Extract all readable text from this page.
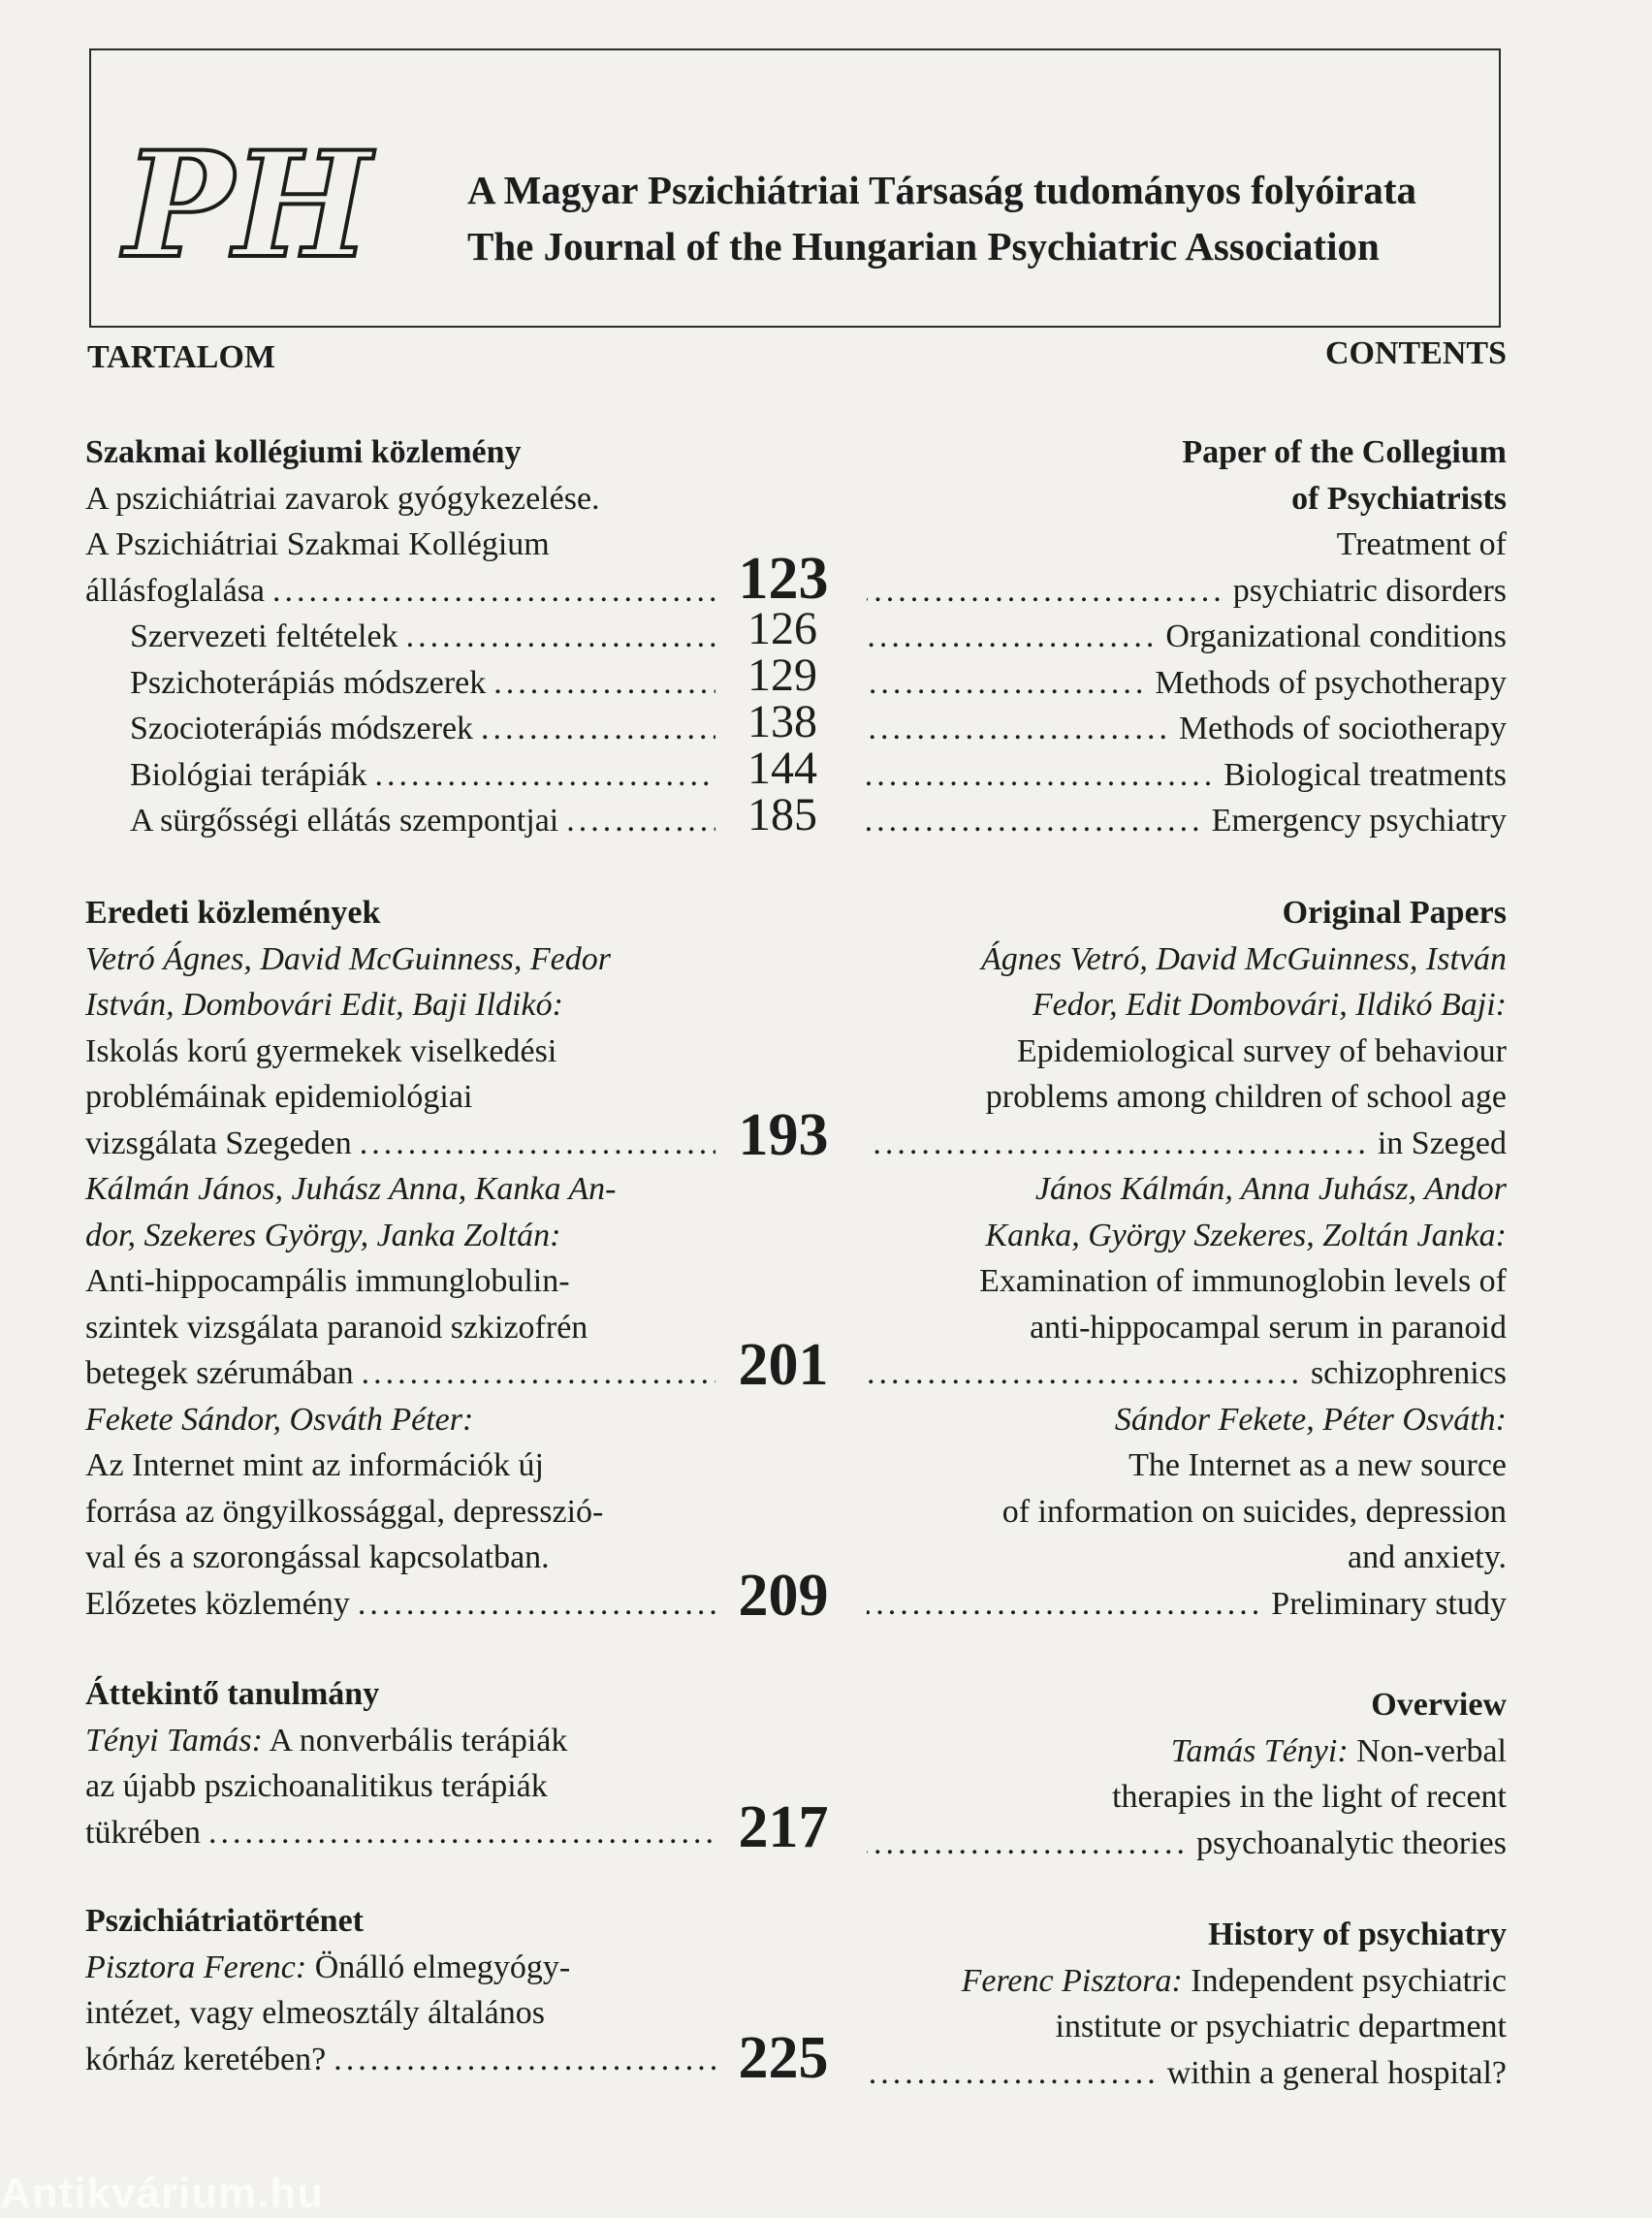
PH A Magyar Pszichiátriai Társaság tudományos folyóirata
The Journal of the Hungarian Psychiatric Association
TARTALOM	CONTENTS
Szakmai kollégiumi közlemény
A pszichiátriai zavarok gyógykezelése.
A Pszichiátriai Szakmai Kollégium
állásfoglalása
.....
Szervezeti feltételek
.....
Pszichoterápiás módszerek
.....
Szocioterápiás módszerek
.....
Biológiai terápiák
.....
A sürgősségi ellátás szempontjai
.....
Paper of the Collegium
of Psychiatrists
Treatment of
.....
psychiatric disorders
.....
Organizational conditions
.....
Methods of psychotherapy
.....
Methods of sociotherapy
.....
Biological treatments
.....
Emergency psychiatry
123
126
129
138
144
185
Eredeti közlemények
Vetró Ágnes, David McGuinness, Fedor
István, Dombovári Edit, Baji Ildikó:
Iskolás korú gyermekek viselkedési
problémáinak epidemiológiai
vizsgálata Szegeden
.....
Kálmán János, Juhász Anna, Kanka An-
dor, Szekeres György, Janka Zoltán:
Anti-hippocampális immunglobulin-
szintek vizsgálata paranoid szkizofrén
betegek szérumában
.....
Fekete Sándor, Osváth Péter:
Az Internet mint az információk új
forrása az öngyilkossággal, depresszió-
val és a szorongással kapcsolatban.
Előzetes közlemény
.....
Original Papers
Ágnes Vetró, David McGuinness, István
Fedor, Edit Dombovári, Ildikó Baji:
Epidemiological survey of behaviour
problems among children of school age
.....
in Szeged
János Kálmán, Anna Juhász, Andor
Kanka, György Szekeres, Zoltán Janka:
Examination of immunoglobin levels of
anti-hippocampal serum in paranoid
.....
schizophrenics
Sándor Fekete, Péter Osváth:
The Internet as a new source
of information on suicides, depression
and anxiety.
.....
Preliminary study
193
201
209
Áttekintő tanulmány
Tényi Tamás: A nonverbális terápiák
az újabb pszichoanalitikus terápiák
tükrében
.....
Overview
Tamás Tényi: Non-verbal
therapies in the light of recent
.....
psychoanalytic theories
217
Pszichiátriatörténet
Pisztora Ferenc: Önálló elmegyógy-
intézet, vagy elmeosztály általános
kórház keretében?
.....
History of psychiatry
Ferenc Pisztora: Independent psychiatric
institute or psychiatric department
.....
within a general hospital?
225
Antikvárium.hu
